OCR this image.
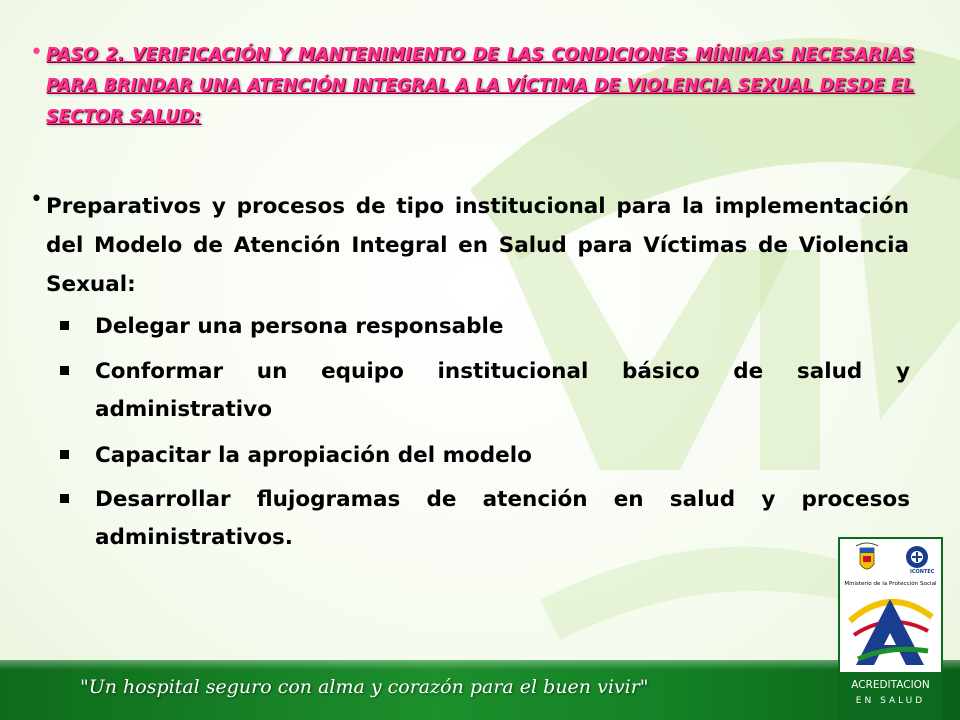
• PASO 2. VERIFICACIÓN Y MANTENIMIENTO DE LAS CONDICIONES MÍNIMAS NECESARIAS PARA BRINDAR UNA ATENCIÓN INTEGRAL A LA VÍCTIMA DE VIOLENCIA SEXUAL DESDE EL SECTOR SALUD:

• Preparativos y procesos de tipo institucional para la implementación del Modelo de Atención Integral en Salud para Víctimas de Violencia Sexual:

Delegar una persona responsable

Conformar un equipo institucional básico de salud y administrativo

Capacitar la apropiación del modelo

Desarrollar flujogramas de atención en salud y procesos administrativos.

"Un hospital seguro con alma y corazón para el buen vivir"

ICONTEC

Ministerio de la Protección Social

ACREDITACION

EN SALUD
